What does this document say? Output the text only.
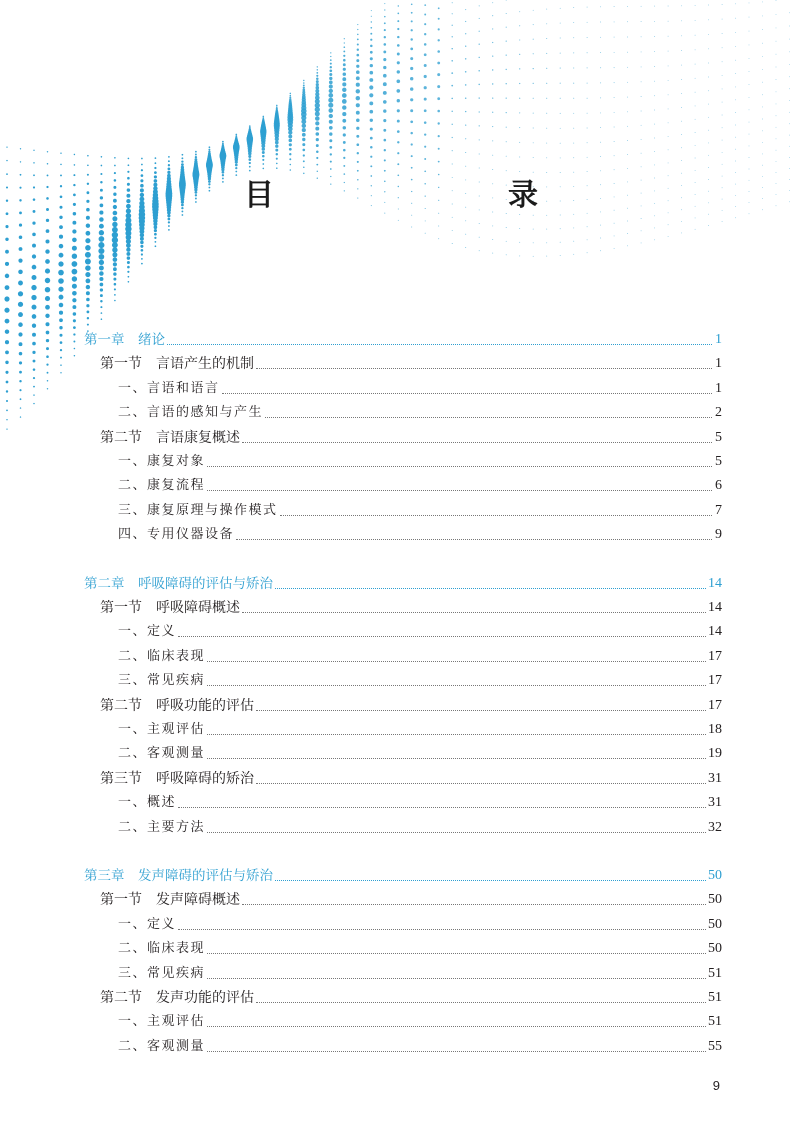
目　　录
第一章　绪论	1
第一节　言语产生的机制	1
一、言语和语言	1
二、言语的感知与产生	2
第二节　言语康复概述	5
一、康复对象	5
二、康复流程	6
三、康复原理与操作模式	7
四、专用仪器设备	9
第二章　呼吸障碍的评估与矫治	14
第一节　呼吸障碍概述	14
一、定义	14
二、临床表现	17
三、常见疾病	17
第二节　呼吸功能的评估	17
一、主观评估	18
二、客观测量	19
第三节　呼吸障碍的矫治	31
一、概述	31
二、主要方法	32
第三章　发声障碍的评估与矫治	50
第一节　发声障碍概述	50
一、定义	50
二、临床表现	50
三、常见疾病	51
第二节　发声功能的评估	51
一、主观评估	51
二、客观测量	55
9
